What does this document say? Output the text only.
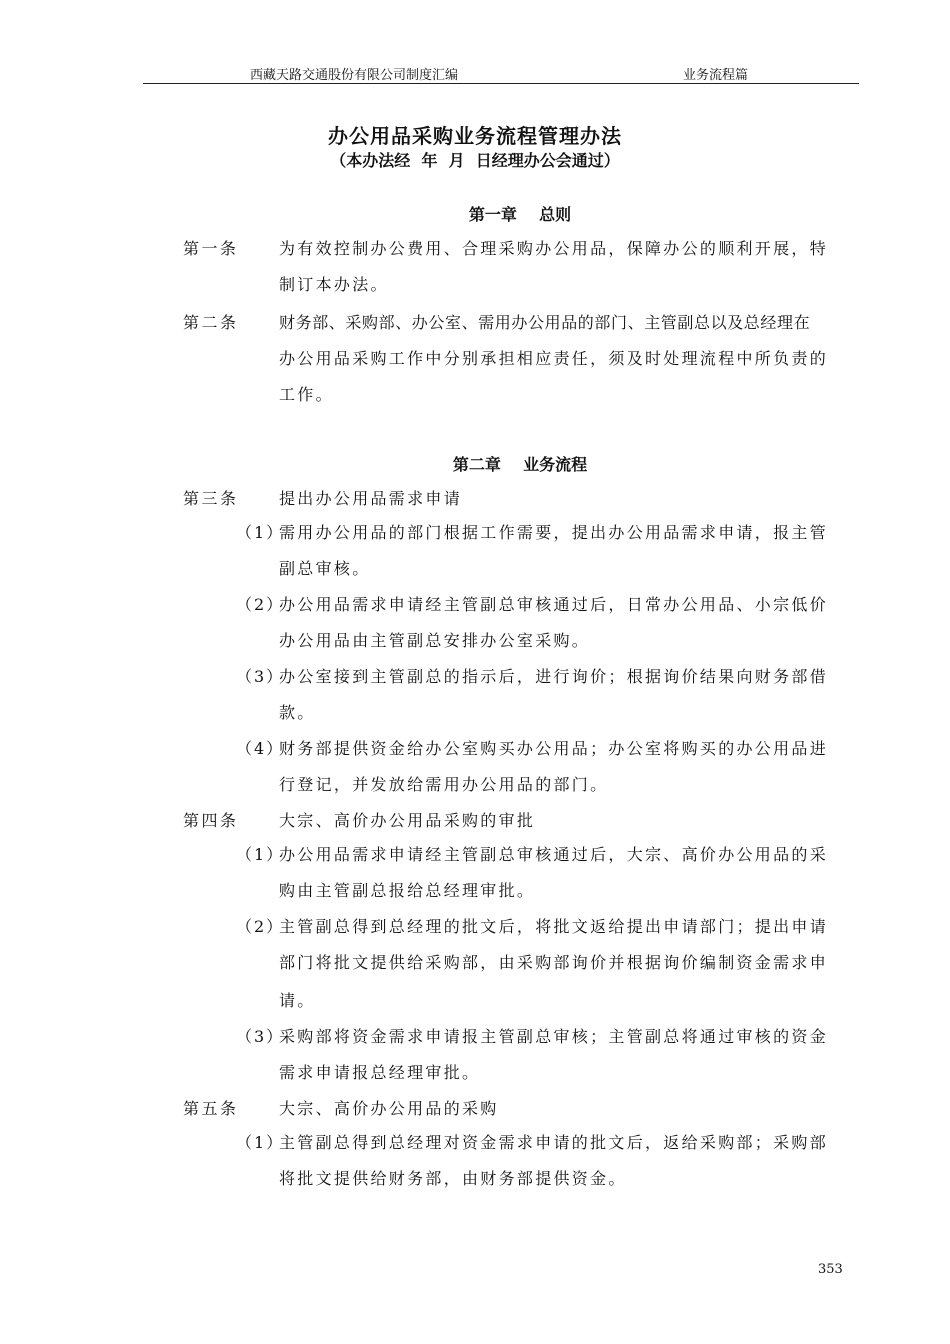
西藏天路交通股份有限公司制度汇编	业务流程篇
办公用品采购业务流程管理办法
（本办法经  年  月  日经理办公会通过）
第一章    总则
第一条	为有效控制办公费用、合理采购办公用品，保障办公的顺利开展，特
制订本办法。
第二条	财务部、采购部、办公室、需用办公用品的部门、主管副总以及总经理在
办公用品采购工作中分别承担相应责任，须及时处理流程中所负责的
工作。
第二章    业务流程
第三条	提出办公用品需求申请
（1）
需用办公用品的部门根据工作需要，提出办公用品需求申请，报主管
副总审核。
（2）
办公用品需求申请经主管副总审核通过后，日常办公用品、小宗低价
办公用品由主管副总安排办公室采购。
（3）
办公室接到主管副总的指示后，进行询价；根据询价结果向财务部借
款。
（4）
财务部提供资金给办公室购买办公用品；办公室将购买的办公用品进
行登记，并发放给需用办公用品的部门。
第四条	大宗、高价办公用品采购的审批
（1）
办公用品需求申请经主管副总审核通过后，大宗、高价办公用品的采
购由主管副总报给总经理审批。
（2）
主管副总得到总经理的批文后，将批文返给提出申请部门；提出申请
部门将批文提供给采购部，由采购部询价并根据询价编制资金需求申
请。
（3）
采购部将资金需求申请报主管副总审核；主管副总将通过审核的资金
需求申请报总经理审批。
第五条	大宗、高价办公用品的采购
（1）
主管副总得到总经理对资金需求申请的批文后，返给采购部；采购部
将批文提供给财务部，由财务部提供资金。
353
